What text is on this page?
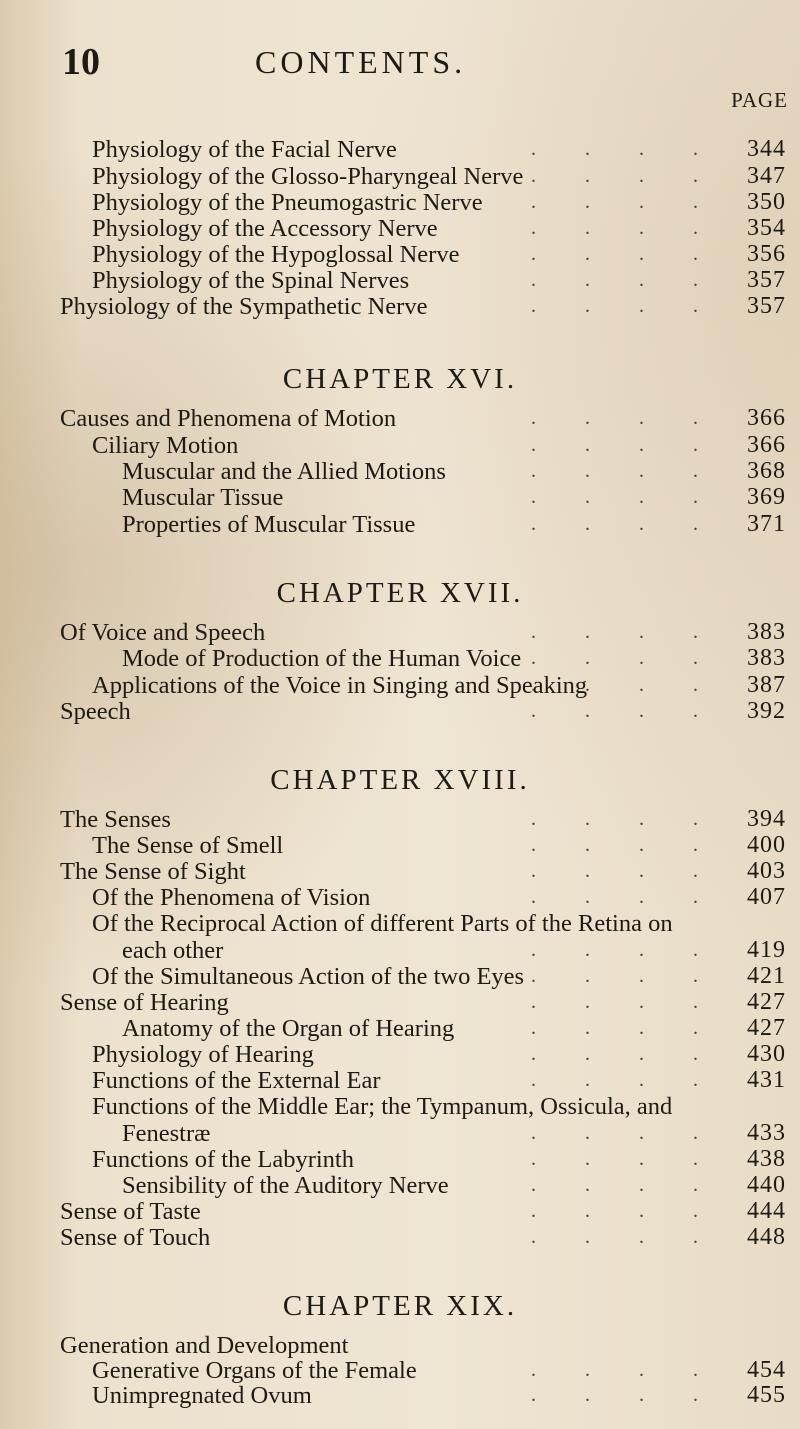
10	CONTENTS.
PAGE
Physiology of the Facial Nerve	. . . . 344
Physiology of the Glosso-Pharyngeal Nerve . . . . 347
Physiology of the Pneumogastric Nerve . . . . 350
Physiology of the Accessory Nerve	. . . . 354
Physiology of the Hypoglossal Nerve	. . . . 356
Physiology of the Spinal Nerves	. . . . 357
Physiology of the Sympathetic Nerve	. . . . 357
CHAPTER XVI.
Causes and Phenomena of Motion	. . . . 366
Ciliary Motion	. . . . 366
Muscular and the Allied Motions	. . . . 368
Muscular Tissue	. . . . 369
Properties of Muscular Tissue	. . . . 371
CHAPTER XVII.
Of Voice and Speech	. . . . 383
Mode of Production of the Human Voice . . . . 383
Applications of the Voice in Singing and Speaking
. . . . 387
Speech	. . . . 392
CHAPTER XVIII.
The Senses	. . . . 394
The Sense of Smell	. . . . 400
The Sense of Sight	. . . . 403
Of the Phenomena of Vision	. . . . 407
Of the Reciprocal Action of different Parts of the Retina on
each other	. . . . 419
Of the Simultaneous Action of the two Eyes . . . . 421
Sense of Hearing	. . . . 427
Anatomy of the Organ of Hearing	. . . . 427
Physiology of Hearing	. . . . 430
Functions of the External Ear	. . . . 431
Functions of the Middle Ear; the Tympanum, Ossicula, and
Fenestræ	. . . . 433
Functions of the Labyrinth	. . . . 438
Sensibility of the Auditory Nerve	. . . . 440
Sense of Taste	. . . . 444
Sense of Touch	. . . . 448
CHAPTER XIX.
Generation and Development
Generative Organs of the Female	. . . . 454
Unimpregnated Ovum	. . . . 455
